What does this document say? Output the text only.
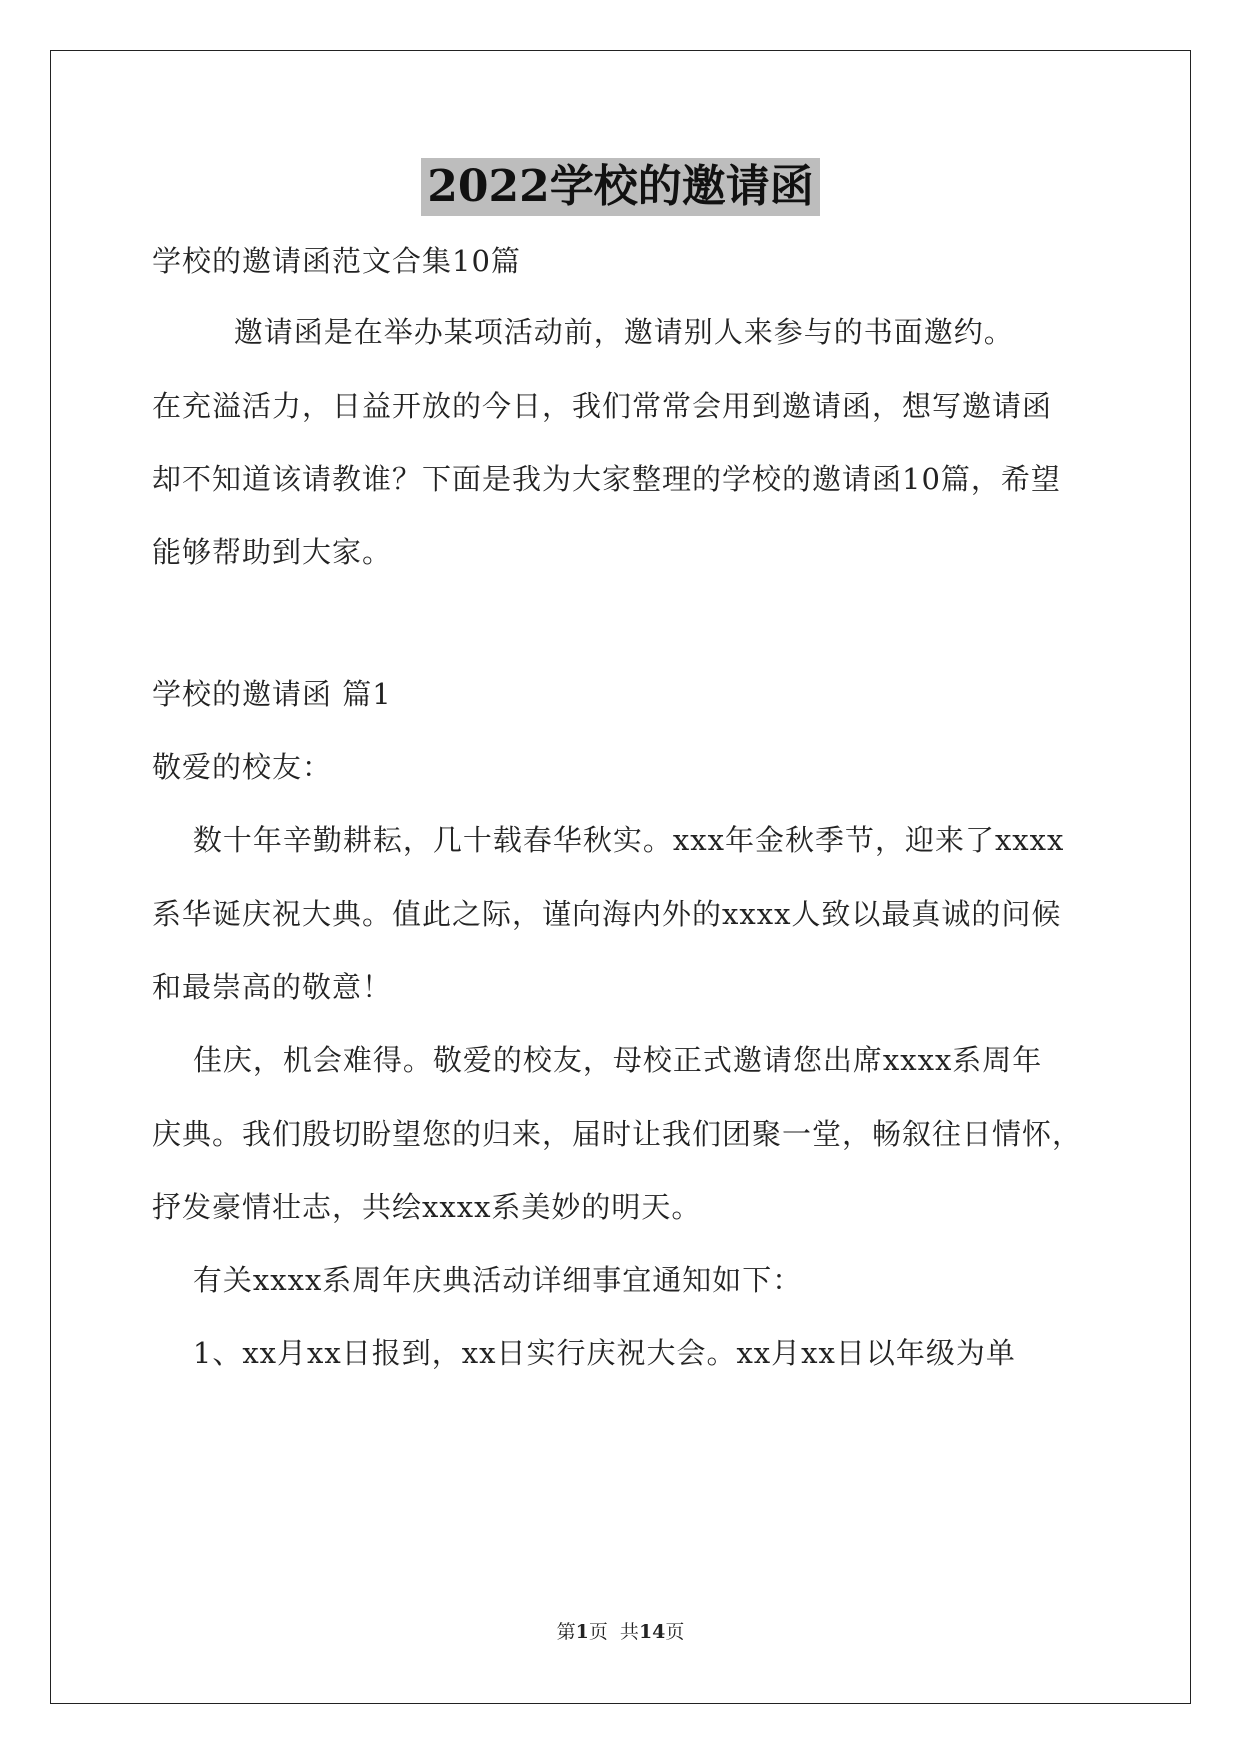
2022学校的邀请函
学校的邀请函范文合集10篇
邀请函是在举办某项活动前，邀请别人来参与的书面邀约。
在充溢活力，日益开放的今日，我们常常会用到邀请函，想写邀请函
却不知道该请教谁？下面是我为大家整理的学校的邀请函10篇，希望
能够帮助到大家。
学校的邀请函 篇1
敬爱的校友：
数十年辛勤耕耘，几十载春华秋实。xxx年金秋季节，迎来了xxxx
系华诞庆祝大典。值此之际，谨向海内外的xxxx人致以最真诚的问候
和最崇高的敬意！
佳庆，机会难得。敬爱的校友，母校正式邀请您出席xxxx系周年
庆典。我们殷切盼望您的归来，届时让我们团聚一堂，畅叙往日情怀，
抒发豪情壮志，共绘xxxx系美妙的明天。
有关xxxx系周年庆典活动详细事宜通知如下：
1、xx月xx日报到，xx日实行庆祝大会。xx月xx日以年级为单
第1页  共14页
